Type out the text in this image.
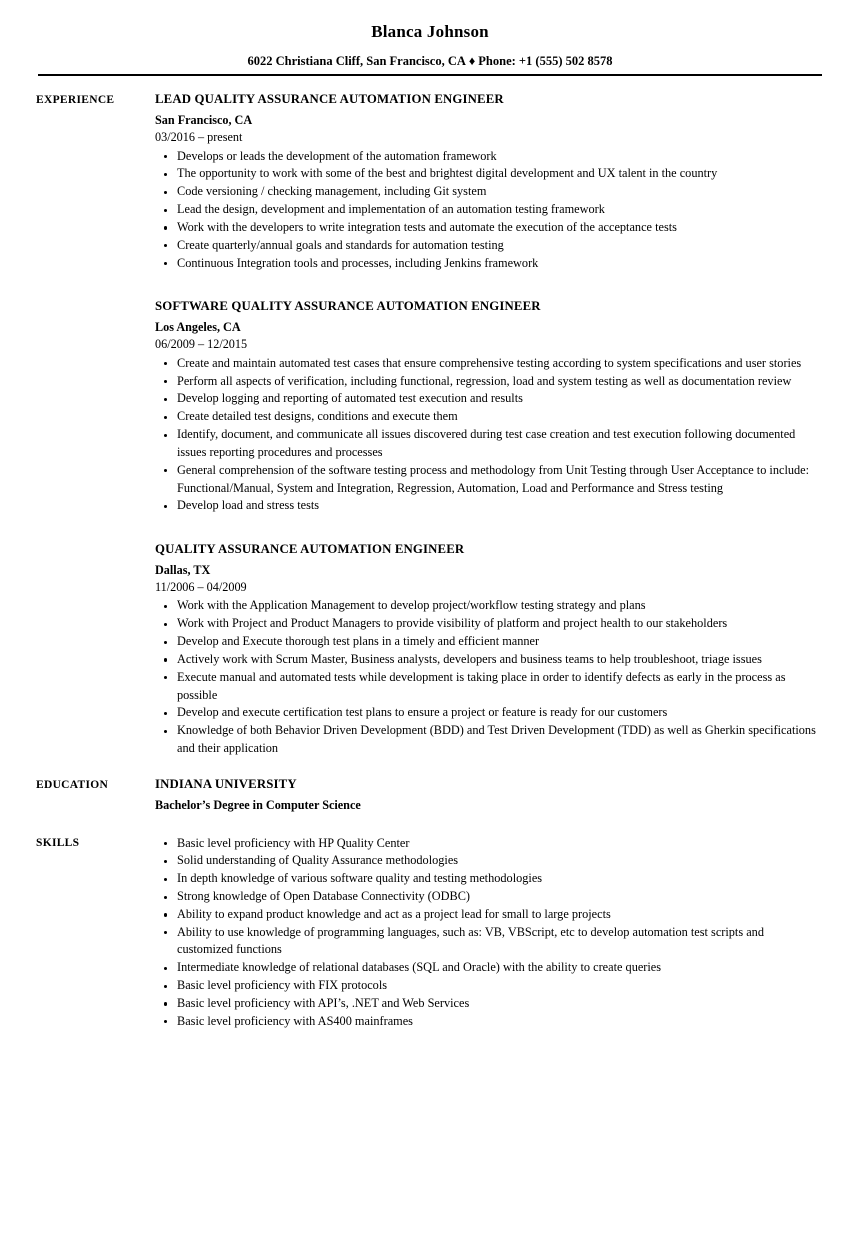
Blanca Johnson
6022 Christiana Cliff, San Francisco, CA ♦ Phone: +1 (555) 502 8578
EXPERIENCE	LEAD QUALITY ASSURANCE AUTOMATION ENGINEER
San Francisco, CA
03/2016 – present
Develops or leads the development of the automation framework
The opportunity to work with some of the best and brightest digital development and UX talent in the country
Code versioning / checking management, including Git system
Lead the design, development and implementation of an automation testing framework
Work with the developers to write integration tests and automate the execution of the acceptance tests
Create quarterly/annual goals and standards for automation testing
Continuous Integration tools and processes, including Jenkins framework
SOFTWARE QUALITY ASSURANCE AUTOMATION ENGINEER
Los Angeles, CA
06/2009 – 12/2015
Create and maintain automated test cases that ensure comprehensive testing according to system specifications and user stories
Perform all aspects of verification, including functional, regression, load and system testing as well as documentation review
Develop logging and reporting of automated test execution and results
Create detailed test designs, conditions and execute them
Identify, document, and communicate all issues discovered during test case creation and test execution following documented issues reporting procedures and processes
General comprehension of the software testing process and methodology from Unit Testing through User Acceptance to include: Functional/Manual, System and Integration, Regression, Automation, Load and Performance and Stress testing
Develop load and stress tests
QUALITY ASSURANCE AUTOMATION ENGINEER
Dallas, TX
11/2006 – 04/2009
Work with the Application Management to develop project/workflow testing strategy and plans
Work with Project and Product Managers to provide visibility of platform and project health to our stakeholders
Develop and Execute thorough test plans in a timely and efficient manner
Actively work with Scrum Master, Business analysts, developers and business teams to help troubleshoot, triage issues
Execute manual and automated tests while development is taking place in order to identify defects as early in the process as possible
Develop and execute certification test plans to ensure a project or feature is ready for our customers
Knowledge of both Behavior Driven Development (BDD) and Test Driven Development (TDD) as well as Gherkin specifications and their application
EDUCATION	INDIANA UNIVERSITY
Bachelor’s Degree in Computer Science
SKILLS	Basic level proficiency with HP Quality Center
Solid understanding of Quality Assurance methodologies
In depth knowledge of various software quality and testing methodologies
Strong knowledge of Open Database Connectivity (ODBC)
Ability to expand product knowledge and act as a project lead for small to large projects
Ability to use knowledge of programming languages, such as: VB, VBScript, etc to develop automation test scripts and customized functions
Intermediate knowledge of relational databases (SQL and Oracle) with the ability to create queries
Basic level proficiency with FIX protocols
Basic level proficiency with API’s, .NET and Web Services
Basic level proficiency with AS400 mainframes
